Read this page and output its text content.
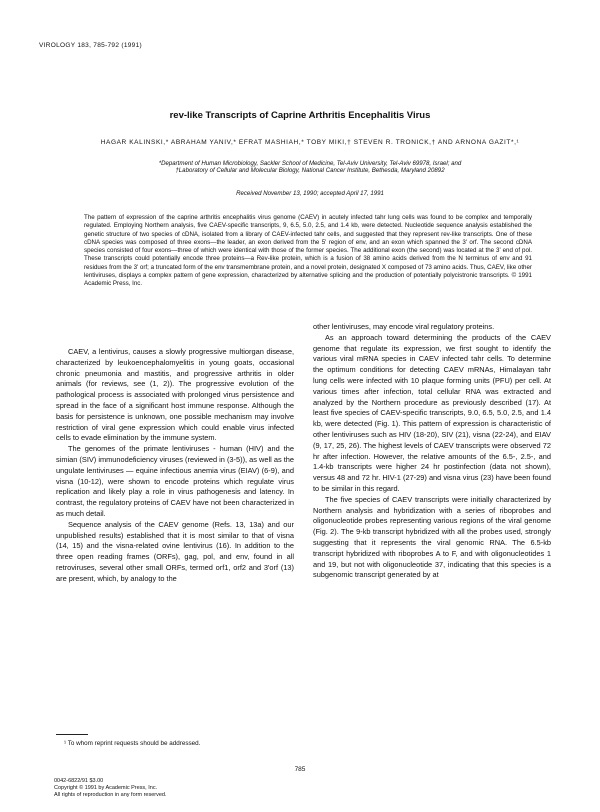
VIROLOGY 183, 785-792 (1991)
rev-like Transcripts of Caprine Arthritis Encephalitis Virus
HAGAR KALINSKI,* ABRAHAM YANIV,* EFRAT MASHIAH,* TOBY MIKI,† STEVEN R. TRONICK,† AND ARNONA GAZIT*,¹
*Department of Human Microbiology, Sackler School of Medicine, Tel-Aviv University, Tel-Aviv 69978, Israel; and
†Laboratory of Cellular and Molecular Biology, National Cancer Institute, Bethesda, Maryland 20892
Received November 13, 1990; accepted April 17, 1991
The pattern of expression of the caprine arthritis encephalitis virus genome (CAEV) in acutely infected tahr lung cells was found to be complex and temporally regulated. Employing Northern analysis, five CAEV-specific transcripts, 9, 6.5, 5.0, 2.5, and 1.4 kb, were detected. Nucleotide sequence analysis established the genetic structure of two species of cDNA, isolated from a library of CAEV-infected tahr cells, and suggested that they represent rev-like transcripts. One of these cDNA species was composed of three exons—the leader, an exon derived from the 5' region of env, and an exon which spanned the 3' orf. The second cDNA species consisted of four exons—three of which were identical with those of the former species. The additional exon (the second) was located at the 3' end of pol. These transcripts could potentially encode three proteins—a Rev-like protein, which is a fusion of 38 amino acids derived from the N terminus of env and 91 residues from the 3' orf; a truncated form of the env transmembrane protein, and a novel protein, designated X composed of 73 amino acids. Thus, CAEV, like other lentiviruses, displays a complex pattern of gene expression, characterized by alternative splicing and the production of potentially polycistronic transcripts. © 1991 Academic Press, Inc.

CAEV, a lentivirus, causes a slowly progressive multiorgan disease, characterized by leukoencephalomyelitis in young goats, occasional chronic pneumonia and mastitis, and progressive arthritis in older animals (for reviews, see (1, 2)). The progressive evolution of the pathological process is associated with prolonged virus persistence and spread in the face of a significant host immune response. Although the basis for persistence is unknown, one possible mechanism may involve restriction of viral gene expression which could enable virus infected cells to evade elimination by the immune system.

The genomes of the primate lentiviruses - human (HIV) and the simian (SIV) immunodeficiency viruses (reviewed in (3-5)), as well as the ungulate lentiviruses — equine infectious anemia virus (EIAV) (6-9), and visna (10-12), were shown to encode proteins which regulate virus replication and likely play a role in virus pathogenesis and latency. In contrast, the regulatory proteins of CAEV have not been characterized in as much detail.

Sequence analysis of the CAEV genome (Refs. 13, 13a) and our unpublished results) established that it is most similar to that of visna (14, 15) and the visna-related ovine lentivirus (16). In addition to the three open reading frames (ORFs), gag, pol, and env, found in all retroviruses, several other small ORFs, termed orf1, orf2 and 3'orf (13) are present, which, by analogy to the

other lentiviruses, may encode viral regulatory proteins.

As an approach toward determining the products of the CAEV genome that regulate its expression, we first sought to identify the various viral mRNA species in CAEV infected tahr cells. To determine the optimum conditions for detecting CAEV mRNAs, Himalayan tahr lung cells were infected with 10 plaque forming units (PFU) per cell. At various times after infection, total cellular RNA was extracted and analyzed by the Northern procedure as previously described (17). At least five species of CAEV-specific transcripts, 9.0, 6.5, 5.0, 2.5, and 1.4 kb, were detected (Fig. 1). This pattern of expression is characteristic of other lentiviruses such as HIV (18-20), SIV (21), visna (22-24), and EIAV (9, 17, 25, 26). The highest levels of CAEV transcripts were observed 72 hr after infection. However, the relative amounts of the 6.5-, 2.5-, and 1.4-kb transcripts were higher 24 hr postinfection (data not shown), versus 48 and 72 hr. HIV-1 (27-29) and visna virus (23) have been found to be similar in this regard.

The five species of CAEV transcripts were initially characterized by Northern analysis and hybridization with a series of riboprobes and oligonucleotide probes representing various regions of the viral genome (Fig. 2). The 9-kb transcript hybridized with all the probes used, strongly suggesting that it represents the viral genomic RNA. The 6.5-kb transcript hybridized with riboprobes A to F, and with oligonucleotides 1 and 19, but not with oligonucleotide 37, indicating that this species is a subgenomic transcript generated by at

¹ To whom reprint requests should be addressed.
785
0042-6822/91 $3.00
Copyright © 1991 by Academic Press, Inc.
All rights of reproduction in any form reserved.
